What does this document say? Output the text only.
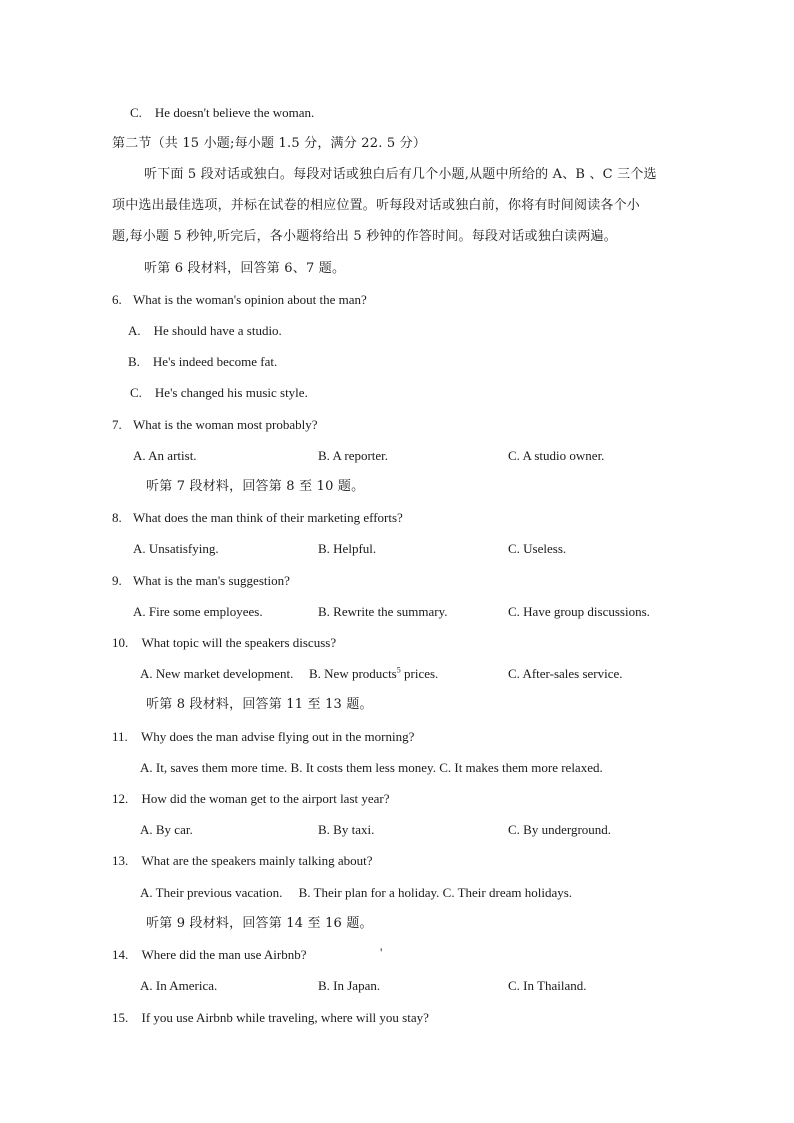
C. He doesn't believe the woman.
第二节（共 15 小题;每小题 1.5 分，满分 22. 5 分）
听下面 5 段对话或独白。每段对话或独白后有几个小题,从题中所给的 A、B 、C 三个选
项中选出最佳选项，并标在试卷的相应位置。听每段对话或独白前，你将有时间阅读各个小
题,每小题 5 秒钟,听完后，各小题将给出 5 秒钟的作答时间。每段对话或独白读两遍。
听第 6 段材料，回答第 6、7 题。
6. What is the woman's opinion about the man?
A. He should have a studio.
B. He's indeed become fat.
C. He's changed his music style.
7. What is the woman most probably?
A. An artist.	B. A reporter.	C. A studio owner.
听第 7 段材料，回答第 8 至 10 题。
8. What does the man think of their marketing efforts?
A. Unsatisfying.	B. Helpful.	C. Useless.
9. What is the man's suggestion?
A. Fire some employees.	B. Rewrite the summary.	C. Have group discussions.
10. What topic will the speakers discuss?
A. New market development. B. New products$^5$ prices.	C. After-sales service.
听第 8 段材料，回答第 11 至 13 题。
11. Why does the man advise flying out in the morning?
A. It, saves them more time. B. It costs them less money. C. It makes them more relaxed.
12. How did the woman get to the airport last year?
A. By car.	B. By taxi.	C. By underground.
13. What are the speakers mainly talking about?
A. Their previous vacation.  B. Their plan for a holiday. C. Their dream holidays.
听第 9 段材料，回答第 14 至 16 题。
14. Where did the man use Airbnb?	'
A. In America.	B. In Japan.	C. In Thailand.
15. If you use Airbnb while traveling, where will you stay?
